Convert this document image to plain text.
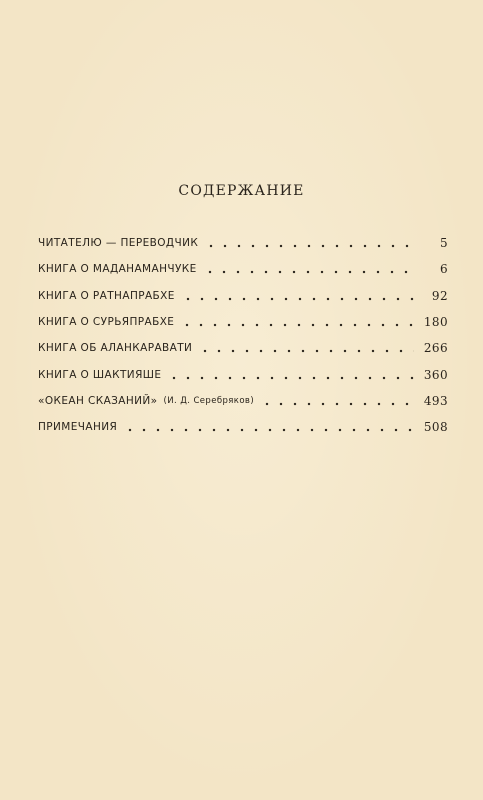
СОДЕРЖАНИЕ
ЧИТАТЕЛЮ — ПЕРЕВОДЧИК	5
КНИГА О МАДАНАМАНЧУКЕ	6
КНИГА О РАТНАПРАБХЕ	92
КНИГА О СУРЬЯПРАБХЕ	180
КНИГА ОБ АЛАНКАРАВАТИ	266
КНИГА О ШАКТИЯШЕ	360
«ОКЕАН СКАЗАНИЙ» (И. Д. Серебряков)	493
ПРИМЕЧАНИЯ	508
